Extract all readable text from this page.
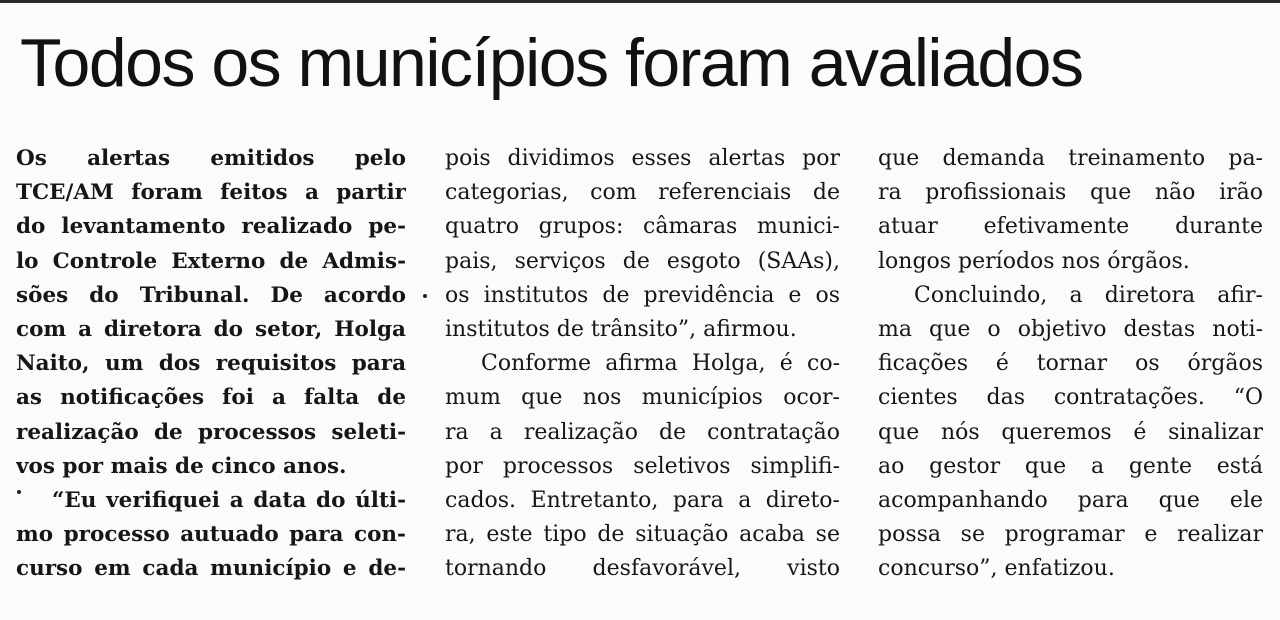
Todos os municípios foram avaliados
Os alertas emitidos pelo
TCE/AM foram feitos a partir
do levantamento realizado pe-
lo Controle Externo de Admis-
sões do Tribunal. De acordo
com a diretora do setor, Holga
Naito, um dos requisitos para
as notificações foi a falta de
realização de processos seleti-
vos por mais de cinco anos.
“Eu verifiquei a data do últi-
mo processo autuado para con-
curso em cada município e de-
pois dividimos esses alertas por
categorias, com referenciais de
quatro grupos: câmaras munici-
pais, serviços de esgoto (SAAs),
os institutos de previdência e os
institutos de trânsito”, afirmou.
Conforme afirma Holga, é co-
mum que nos municípios ocor-
ra a realização de contratação
por processos seletivos simplifi-
cados. Entretanto, para a direto-
ra, este tipo de situação acaba se
tornando desfavorável, visto
que demanda treinamento pa-
ra profissionais que não irão
atuar efetivamente durante
longos períodos nos órgãos.
Concluindo, a diretora afir-
ma que o objetivo destas noti-
ficações é tornar os órgãos
cientes das contratações. “O
que nós queremos é sinalizar
ao gestor que a gente está
acompanhando para que ele
possa se programar e realizar
concurso”, enfatizou.
